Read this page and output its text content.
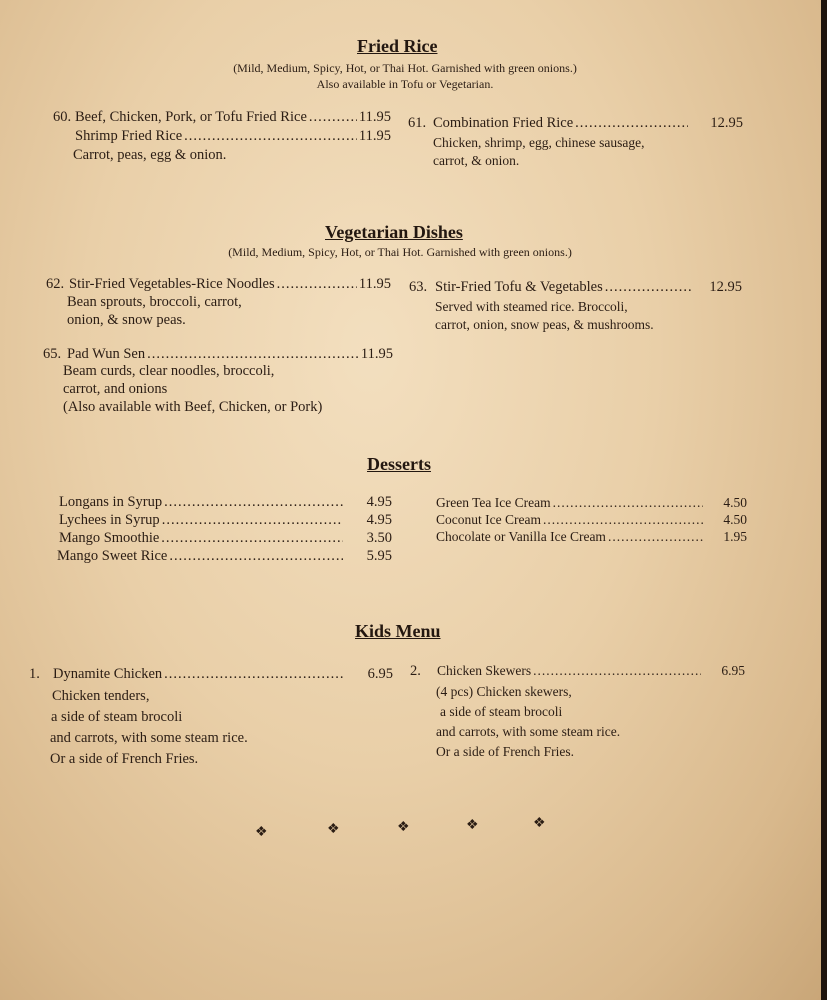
Fried Rice
(Mild, Medium, Spicy, Hot, or Thai Hot. Garnished with green onions.)
Also available in Tofu or Vegetarian.
60. Beef, Chicken, Pork, or Tofu Fried Rice .....	11.95
Shrimp Fried Rice .....	11.95
Carrot, peas, egg & onion.
61. Combination Fried Rice .....	12.95
Chicken, shrimp, egg, chinese sausage,
carrot, & onion.
Vegetarian Dishes
(Mild, Medium, Spicy, Hot, or Thai Hot. Garnished with green onions.)
62. Stir-Fried Vegetables-Rice Noodles .....	11.95
Bean sprouts, broccoli, carrot,
onion, & snow peas.
63. Stir-Fried Tofu & Vegetables .....	12.95
Served with steamed rice. Broccoli,
carrot, onion, snow peas, & mushrooms.
65. Pad Wun Sen .....	11.95
Beam curds, clear noodles, broccoli,
carrot, and onions
(Also available with Beef, Chicken, or Pork)
Desserts
Longans in Syrup .....	4.95
Lychees in Syrup .....	4.95
Mango Smoothie .....	3.50
Mango Sweet Rice .....	5.95
Green Tea Ice Cream .....	4.50
Coconut Ice Cream .....	4.50
Chocolate or Vanilla Ice Cream .....	1.95
Kids Menu
1. Dynamite Chicken .....	6.95
Chicken tenders,
a side of steam brocoli
and carrots, with some steam rice.
Or a side of French Fries.
2. Chicken Skewers .....	6.95
(4 pcs) Chicken skewers,
a side of steam brocoli
and carrots, with some steam rice.
Or a side of French Fries.
❖	❖	❖	❖	❖
